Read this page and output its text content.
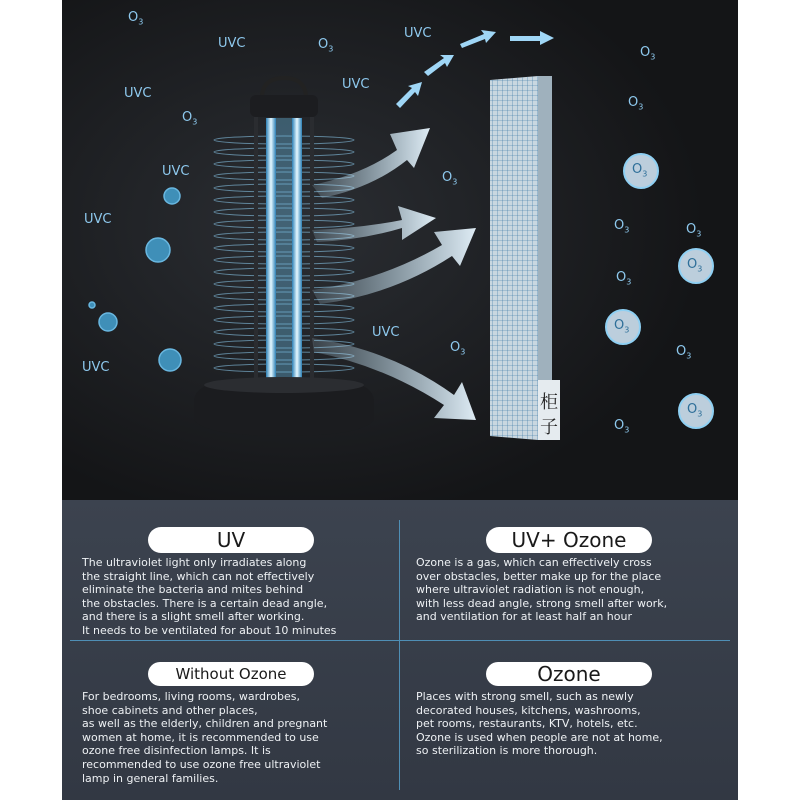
UVC
UVC
UVC
UVC
UVC
UVC
UVC
UVC
$O_3$
$O_3$
$O_3$
$O_3$
$O_3$
$O_3$
$O_3$	$O_3$
$O_3$
$O_3$	$O_3$
$O_3$
$O_3$
$O_3$
$O_3$
$O_3$
柜
子
UV
The ultraviolet light only irradiates along
the straight line, which can not effectively
eliminate the bacteria and mites behind
the obstacles. There is a certain dead angle,
and there is a slight smell after working.
It needs to be ventilated for about 10 minutes
UV+ Ozone
Ozone is a gas, which can effectively cross
over obstacles, better make up for the place
where ultraviolet radiation is not enough,
with less dead angle, strong smell after work,
and ventilation for at least half an hour
Without Ozone
For bedrooms, living rooms, wardrobes,
shoe cabinets and other places,
as well as the elderly, children and pregnant
women at home, it is recommended to use
ozone free disinfection lamps. It is
recommended to use ozone free ultraviolet
lamp in general families.
Ozone
Places with strong smell, such as newly
decorated houses, kitchens, washrooms,
pet rooms, restaurants, KTV, hotels, etc.
Ozone is used when people are not at home,
so sterilization is more thorough.
